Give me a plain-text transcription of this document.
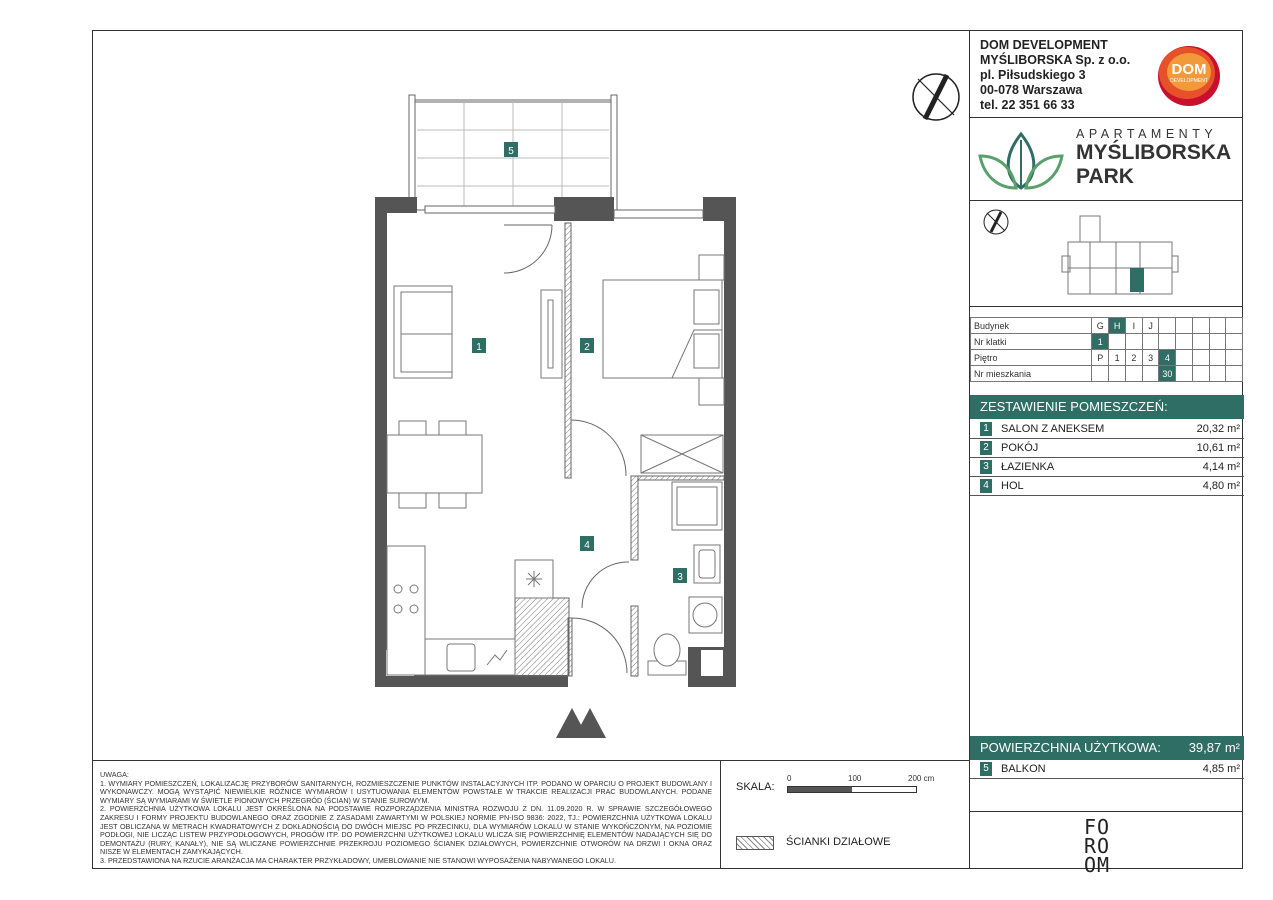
1	2
3
4
5
DOM DEVELOPMENT
MYŚLIBORSKA Sp. z o.o.
pl. Piłsudskiego 3
00-078 Warszawa
tel. 22 351 66 33
DOM
DEVELOPMENT
APARTAMENTY
MYŚLIBORSKA
PARK
Budynek	G	H	I	J					
Nr klatki	1								
Piętro	P	1	2	3	4				
Nr mieszkania					30				
ZESTAWIENIE POMIESZCZEŃ:
1 SALON Z ANEKSEM	20,32 m²
2 POKÓJ	10,61 m²
3 ŁAZIENKA	4,14 m²
4 HOL	4,80 m²
POWIERZCHNIA UŻYTKOWA: 39,87 m²
5 BALKON	4,85 m²
FO
RO
OM
UWAGA:
1. WYMIARY POMIESZCZEŃ, LOKALIZACJĘ PRZYBORÓW SANITARNYCH, ROZMIESZCZENIE PUNKTÓW INSTALACYJNYCH ITP. PODANO W OPARCIU O PROJEKT BUDOWLANY I WYKONAWCZY. MOGĄ WYSTĄPIĆ NIEWIELKIE RÓŻNICE WYMIARÓW I USYTUOWANIA ELEMENTÓW POWSTAŁE W TRAKCIE REALIZACJI PRAC BUDOWLANYCH. PODANE WYMIARY SĄ WYMIARAMI W ŚWIETLE PIONOWYCH PRZEGRÓD (ŚCIAN) W STANIE SUROWYM.
2. POWIERZCHNIA UŻYTKOWA LOKALU JEST OKREŚLONA NA PODSTAWIE ROZPORZĄDZENIA MINISTRA ROZWOJU Z DN. 11.09.2020 R. W SPRAWIE SZCZEGÓŁOWEGO ZAKRESU I FORMY PROJEKTU BUDOWLANEGO ORAZ ZGODNIE Z ZASADAMI ZAWARTYMI W POLSKIEJ NORMIE PN-ISO 9836: 2022, TJ.: POWIERZCHNIA UŻYTKOWA LOKALU JEST OBLICZANA W METRACH KWADRATOWYCH Z DOKŁADNOŚCIĄ DO DWÓCH MIEJSC PO PRZECINKU, DLA WYMIARÓW LOKALU W STANIE WYKOŃCZONYM, NA POZIOMIE PODŁOGI, NIE LICZĄC LISTEW PRZYPODŁOGOWYCH, PROGÓW ITP. DO POWIERZCHNI UŻYTKOWEJ LOKALU WLICZA SIĘ POWIERZCHNIĘ ELEMENTÓW NADAJĄCYCH SIĘ DO DEMONTAŻU (RURY, KANAŁY), NIE SĄ WLICZANE POWIERZCHNIE PRZEKROJU POZIOMEGO ŚCIANEK DZIAŁOWYCH, POWIERZCHNIE OTWORÓW NA DRZWI I OKNA ORAZ NISZE W ELEMENTACH ZAMYKAJĄCYCH.
3. PRZEDSTAWIONA NA RZUCIE ARANŻACJA MA CHARAKTER PRZYKŁADOWY, UMEBLOWANIE NIE STANOWI WYPOSAŻENIA NABYWANEGO LOKALU.
SKALA:
0	100	200 cm
ŚCIANKI DZIAŁOWE
